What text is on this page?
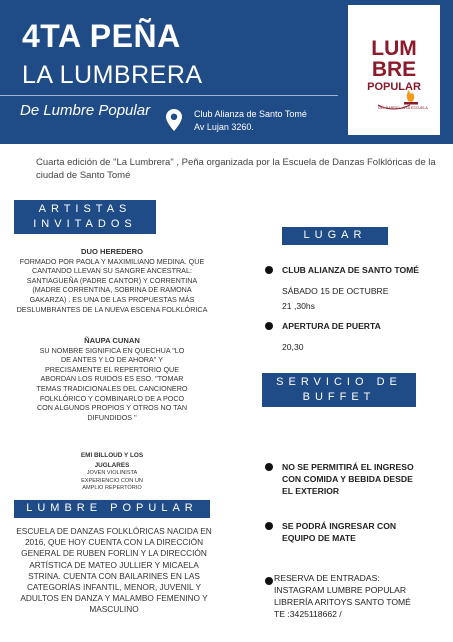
4TA PEÑA
LA LUMBRERA
De Lumbre Popular	Club Alianza de Santo Tomé
Av Lujan 3260.
LUM
BRE
POPULAR
DEL BARRIO · A LA ESCUELA
Cuarta edición de "La Lumbrera" , Peña organizada por la Escuela de Danzas Folklóricas de la ciudad de Santo Tomé
ARTISTAS
INVITADOS
DUO HEREDERO
FORMADO POR PAOLA Y MAXIMILIANO MEDINA. QUE CANTANDO LLEVAN SU SANGRE ANCESTRAL: SANTIAGUEÑA (PADRE CANTOR) Y CORRENTINA (MADRE CORRENTINA, SOBRINA DE RAMONA GAKARZA) . ES UNA DE LAS PROPUESTAS MÁS DESLUMBRANTES DE LA NUEVA ESCENA FOLKLÓRICA
ÑAUPA CUNAN
SU NOMBRE SIGNIFICA EN QUECHUA "LO DE ANTES Y LO DE AHORA" Y PRECISAMENTE EL REPERTORIO QUE ABORDAN LOS RUIDOS ES ESO. "TOMAR TEMAS TRADICIONALES DEL CANCIONERO FOLKLÓRICO Y COMBINARLO DE A POCO CON ALGUNOS PROPIOS Y OTROS NO TAN DIFUNDIDOS "
EMI BILLOUD Y LOS
JUGLARES
JOVEN VIOLINISTA EXPERIENCIO CON UN AMPLIO REPERTORIO
LUMBRE POPULAR
ESCUELA DE DANZAS FOLKLÓRICAS NACIDA EN 2016, QUE HOY CUENTA CON LA DIRECCIÓN GENERAL DE RUBEN FORLIN Y LA DIRECCIÓN ARTÍSTICA DE MATEO JULLIER Y MICAELA STRINA. CUENTA CON BAILARINES EN LAS CATEGORÍAS INFANTIL, MENOR, JUVENIL Y ADULTOS EN DANZA Y MALAMBO FEMENINO Y MASCULINO
LUGAR
CLUB ALIANZA DE SANTO TOMÉ
SÁBADO 15 DE OCTUBRE
21 ,30hs
APERTURA DE PUERTA
20,30
SERVICIO DE
BUFFET
NO SE PERMITIRÁ EL INGRESO CON COMIDA Y BEBIDA DESDE EL EXTERIOR
SE PODRÁ INGRESAR CON EQUIPO DE MATE
RESERVA DE ENTRADAS:
INSTAGRAM LUMBRE POPULAR
LIBRERÍA ARITOYS SANTO TOMÉ
TE :3425118662 /
